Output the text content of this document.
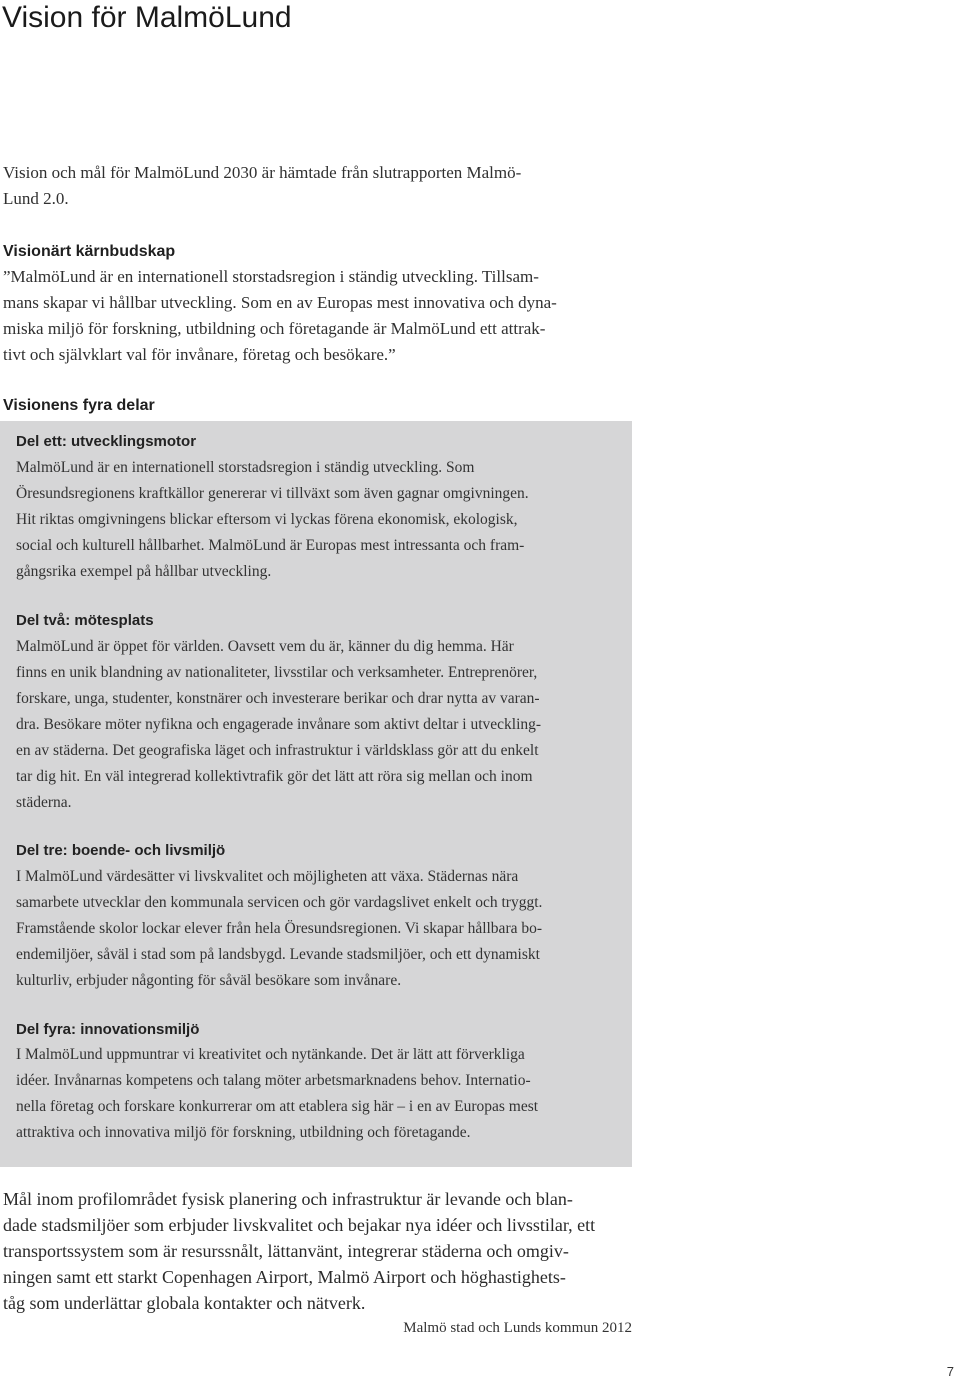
Vision för MalmöLund

Vision och mål för MalmöLund 2030 är hämtade från slutrapporten Malmö-

Lund 2.0.

Visionärt kärnbudskap

”MalmöLund är en internationell storstadsregion i ständig utveckling. Tillsam-

mans skapar vi hållbar utveckling. Som en av Europas mest innovativa och dyna-

miska miljö för forskning, utbildning och företagande är MalmöLund ett attrak-

tivt och självklart val för invånare, företag och besökare.”

Visionens fyra delar
Del ett: utvecklingsmotor

MalmöLund är en internationell storstadsregion i ständig utveckling. Som

Öresundsregionens kraftkällor genererar vi tillväxt som även gagnar omgivningen.

Hit riktas omgivningens blickar eftersom vi lyckas förena ekonomisk, ekologisk,

social och kulturell hållbarhet. MalmöLund är Europas mest intressanta och fram-

gångsrika exempel på hållbar utveckling.

Del två: mötesplats

MalmöLund är öppet för världen. Oavsett vem du är, känner du dig hemma. Här

finns en unik blandning av nationaliteter, livsstilar och verksamheter. Entreprenörer,

forskare, unga, studenter, konstnärer och investerare berikar och drar nytta av varan-

dra. Besökare möter nyfikna och engagerade invånare som aktivt deltar i utveckling-

en av städerna. Det geografiska läget och infrastruktur i världsklass gör att du enkelt

tar dig hit. En väl integrerad kollektivtrafik gör det lätt att röra sig mellan och inom

städerna.

Del tre: boende- och livsmiljö

I MalmöLund värdesätter vi livskvalitet och möjligheten att växa. Städernas nära

samarbete utvecklar den kommunala servicen och gör vardagslivet enkelt och tryggt.

Framstående skolor lockar elever från hela Öresundsregionen. Vi skapar hållbara bo-

endemiljöer, såväl i stad som på landsbygd. Levande stadsmiljöer, och ett dynamiskt

kulturliv, erbjuder någonting för såväl besökare som invånare.

Del fyra: innovationsmiljö

I MalmöLund uppmuntrar vi kreativitet och nytänkande. Det är lätt att förverkliga

idéer. Invånarnas kompetens och talang möter arbetsmarknadens behov. Internatio-

nella företag och forskare konkurrerar om att etablera sig här – i en av Europas mest

attraktiva och innovativa miljö för forskning, utbildning och företagande.

Mål inom profilområdet fysisk planering och infrastruktur är levande och blan-

dade stadsmiljöer som erbjuder livskvalitet och bejakar nya idéer och livsstilar, ett

transportssystem som är resurssnålt, lättanvänt, integrerar städerna och omgiv-

ningen samt ett starkt Copenhagen Airport, Malmö Airport och höghastighets-

tåg som underlättar globala kontakter och nätverk.

Malmö stad och Lunds kommun 2012
7
